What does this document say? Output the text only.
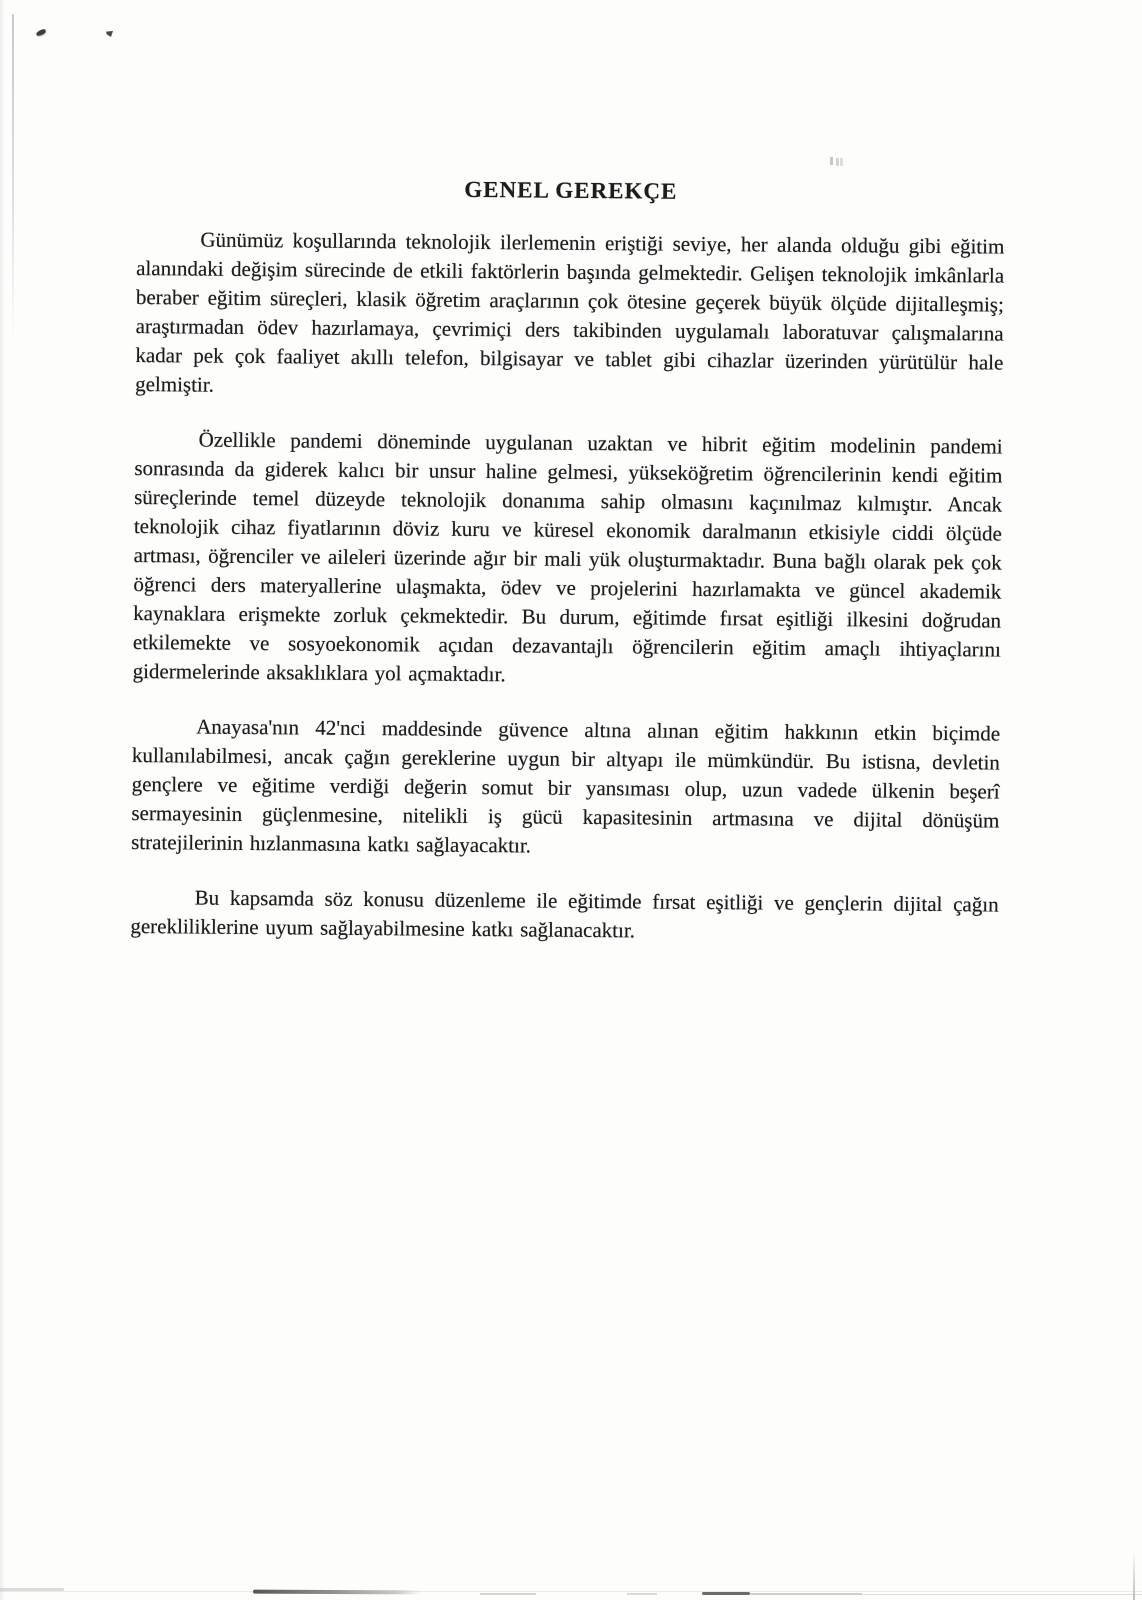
GENEL GEREKÇE

Günümüz koşullarında teknolojik ilerlemenin eriştiği seviye, her alanda olduğu gibi eğitim alanındaki değişim sürecinde de etkili faktörlerin başında gelmektedir. Gelişen teknolojik imkânlarla beraber eğitim süreçleri, klasik öğretim araçlarının çok ötesine geçerek büyük ölçüde dijitalleşmiş; araştırmadan ödev hazırlamaya, çevrimiçi ders takibinden uygulamalı laboratuvar çalışmalarına kadar pek çok faaliyet akıllı telefon, bilgisayar ve tablet gibi cihazlar üzerinden yürütülür hale gelmiştir.

Özellikle pandemi döneminde uygulanan uzaktan ve hibrit eğitim modelinin pandemi sonrasında da giderek kalıcı bir unsur haline gelmesi, yükseköğretim öğrencilerinin kendi eğitim süreçlerinde temel düzeyde teknolojik donanıma sahip olmasını kaçınılmaz kılmıştır. Ancak teknolojik cihaz fiyatlarının döviz kuru ve küresel ekonomik daralmanın etkisiyle ciddi ölçüde artması, öğrenciler ve aileleri üzerinde ağır bir mali yük oluşturmaktadır. Buna bağlı olarak pek çok öğrenci ders materyallerine ulaşmakta, ödev ve projelerini hazırlamakta ve güncel akademik kaynaklara erişmekte zorluk çekmektedir. Bu durum, eğitimde fırsat eşitliği ilkesini doğrudan etkilemekte ve sosyoekonomik açıdan dezavantajlı öğrencilerin eğitim amaçlı ihtiyaçlarını gidermelerinde aksaklıklara yol açmaktadır.

Anayasa'nın 42'nci maddesinde güvence altına alınan eğitim hakkının etkin biçimde kullanılabilmesi, ancak çağın gereklerine uygun bir altyapı ile mümkündür. Bu istisna, devletin gençlere ve eğitime verdiği değerin somut bir yansıması olup, uzun vadede ülkenin beşerî sermayesinin güçlenmesine, nitelikli iş gücü kapasitesinin artmasına ve dijital dönüşüm stratejilerinin hızlanmasına katkı sağlayacaktır.

Bu kapsamda söz konusu düzenleme ile eğitimde fırsat eşitliği ve gençlerin dijital çağın gerekliliklerine uyum sağlayabilmesine katkı sağlanacaktır.
